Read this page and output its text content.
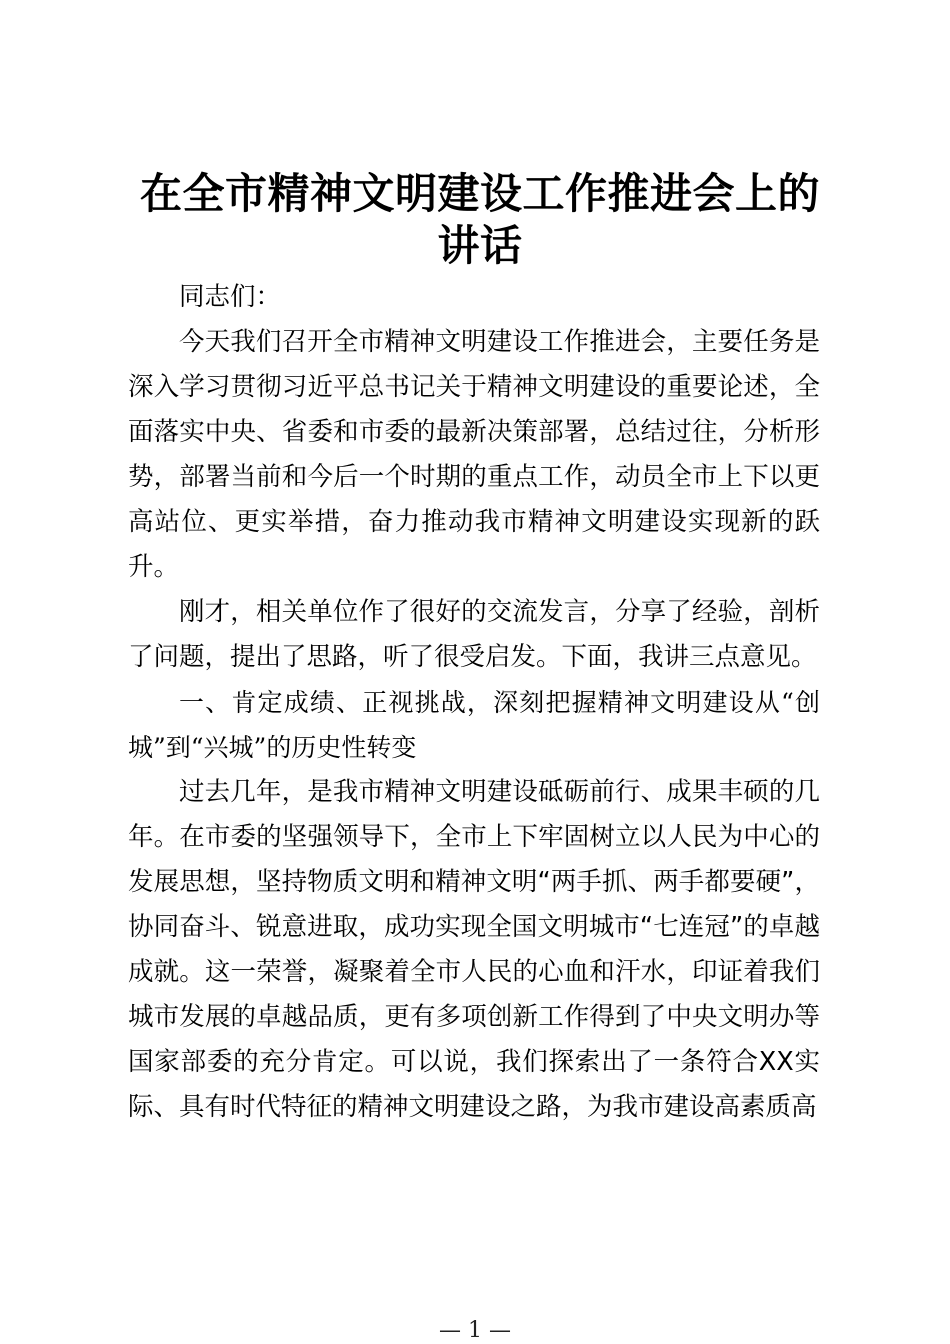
在全市精神文明建设工作推进会上的讲话

同志们：

今天我们召开全市精神文明建设工作推进会，主要任务是深入学习贯彻习近平总书记关于精神文明建设的重要论述，全面落实中央、省委和市委的最新决策部署，总结过往，分析形势，部署当前和今后一个时期的重点工作，动员全市上下以更高站位、更实举措，奋力推动我市精神文明建设实现新的跃升。

刚才，相关单位作了很好的交流发言，分享了经验，剖析了问题，提出了思路，听了很受启发。下面，我讲三点意见。

一、肯定成绩、正视挑战，深刻把握精神文明建设从“创城”到“兴城”的历史性转变

过去几年，是我市精神文明建设砥砺前行、成果丰硕的几年。在市委的坚强领导下，全市上下牢固树立以人民为中心的发展思想，坚持物质文明和精神文明“两手抓、两手都要硬”，协同奋斗、锐意进取，成功实现全国文明城市“七连冠”的卓越成就。这一荣誉，凝聚着全市人民的心血和汗水，印证着我们城市发展的卓越品质，更有多项创新工作得到了中央文明办等国家部委的充分肯定。可以说，我们探索出了一条符合XX实际、具有时代特征的精神文明建设之路，为我市建设高素质高

— 1 —
